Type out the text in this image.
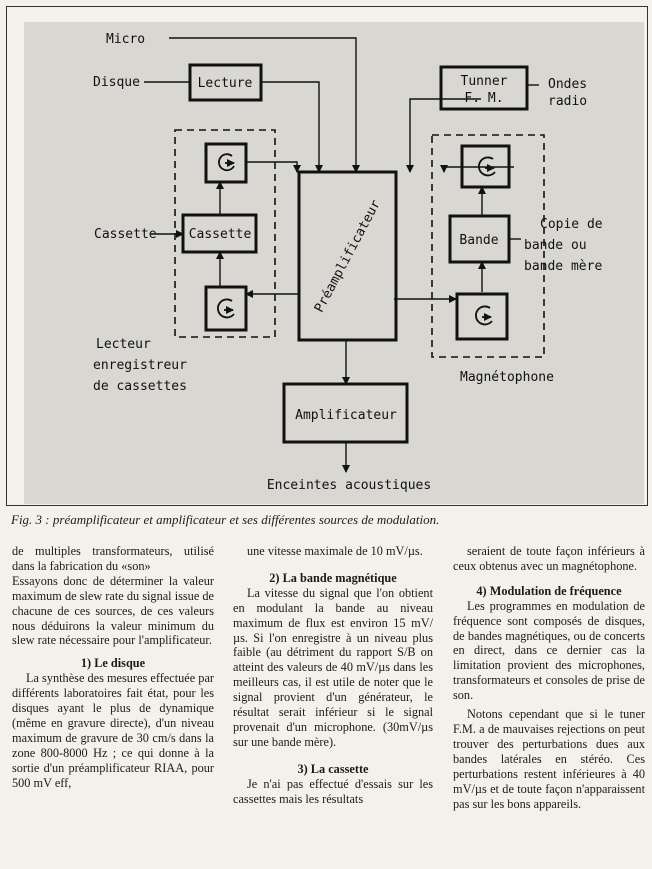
Micro
Disque	Lecture	Tunner
F. M.
Ondes
radio
Cassette Cassette	Bande
Copie de
bande ou
bande mère
Préamplificateur
Lecteur
enregistreur
de cassettes
Magnétophone
Amplificateur
Enceintes acoustiques
Fig. 3 : préamplificateur et amplificateur et ses différentes sources de modulation.

de multiples transformateurs, utilisé dans la fabrication du «son»

Essayons donc de déterminer la valeur maximum de slew rate du signal issue de chacune de ces sources, de ces valeurs nous déduirons la valeur minimum du slew rate nécessaire pour l'amplificateur.

1) Le disque

La synthèse des mesures effectuée par différents laboratoires fait état, pour les disques ayant le plus de dynamique (même en gravure directe), d'un niveau maximum de gravure de 30 cm/s dans la zone 800-8000 Hz ; ce qui donne à la sortie d'un préamplificateur RIAA, pour 500 mV eff,

une vitesse maximale de 10 mV/µs.

2) La bande magnétique

La vitesse du signal que l'on obtient en modulant la bande au niveau maximum de flux est environ 15 mV/µs. Si l'on enregistre à un niveau plus faible (au détriment du rapport S/B on atteint des valeurs de 40 mV/µs dans les meilleurs cas, il est utile de noter que le signal provient d'un générateur, le résultat serait inférieur si le signal provenait d'un microphone. (30mV/µs sur une bande mère).

3) La cassette

Je n'ai pas effectué d'essais sur les cassettes mais les résultats

seraient de toute façon inférieurs à ceux obtenus avec un magnétophone.

4) Modulation de fréquence

Les programmes en modulation de fréquence sont composés de disques, de bandes magnétiques, ou de concerts en direct, dans ce dernier cas la limitation provient des microphones, transformateurs et consoles de prise de son.

Notons cependant que si le tuner F.M. a de mauvaises rejections on peut trouver des perturbations dues aux bandes latérales en stéréo. Ces perturbations restent inférieures à 40 mV/µs et de toute façon n'apparaissent pas sur les bons appareils.
